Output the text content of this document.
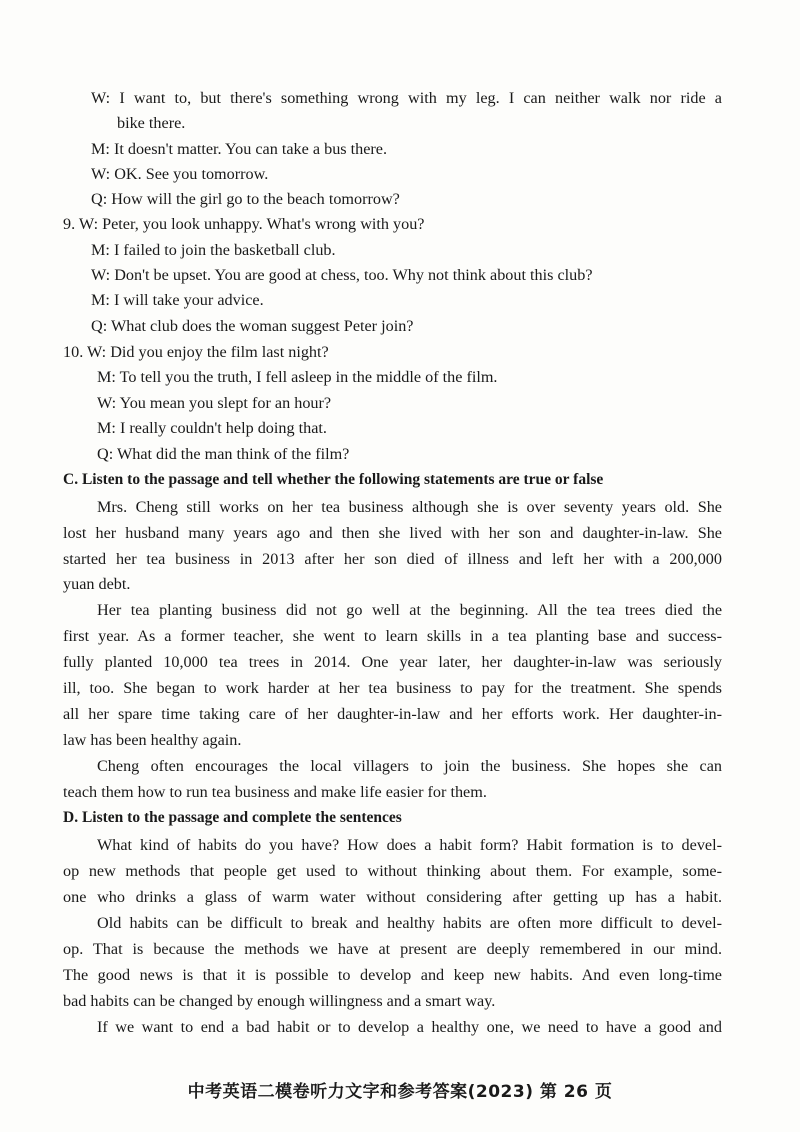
W: I want to, but there's something wrong with my leg. I can neither walk nor ride a
bike there.
M: It doesn't matter. You can take a bus there.
W: OK. See you tomorrow.
Q: How will the girl go to the beach tomorrow?
9. W: Peter, you look unhappy. What's wrong with you?
M: I failed to join the basketball club.
W: Don't be upset. You are good at chess, too. Why not think about this club?
M: I will take your advice.
Q: What club does the woman suggest Peter join?
10. W: Did you enjoy the film last night?
M: To tell you the truth, I fell asleep in the middle of the film.
W: You mean you slept for an hour?
M: I really couldn't help doing that.
Q: What did the man think of the film?
C. Listen to the passage and tell whether the following statements are true or false
Mrs. Cheng still works on her tea business although she is over seventy years old. She
lost her husband many years ago and then she lived with her son and daughter-in-law. She
started her tea business in 2013 after her son died of illness and left her with a 200,000
yuan debt.
Her tea planting business did not go well at the beginning. All the tea trees died the
first year. As a former teacher, she went to learn skills in a tea planting base and success-
fully planted 10,000 tea trees in 2014. One year later, her daughter-in-law was seriously
ill, too. She began to work harder at her tea business to pay for the treatment. She spends
all her spare time taking care of her daughter-in-law and her efforts work. Her daughter-in-
law has been healthy again.
Cheng often encourages the local villagers to join the business. She hopes she can
teach them how to run tea business and make life easier for them.
D. Listen to the passage and complete the sentences
What kind of habits do you have? How does a habit form? Habit formation is to devel-
op new methods that people get used to without thinking about them. For example, some-
one who drinks a glass of warm water without considering after getting up has a habit.
Old habits can be difficult to break and healthy habits are often more difficult to devel-
op. That is because the methods we have at present are deeply remembered in our mind.
The good news is that it is possible to develop and keep new habits. And even long-time
bad habits can be changed by enough willingness and a smart way.
If we want to end a bad habit or to develop a healthy one, we need to have a good and
中考英语二模卷听力文字和参考答案(2023) 第 26 页
